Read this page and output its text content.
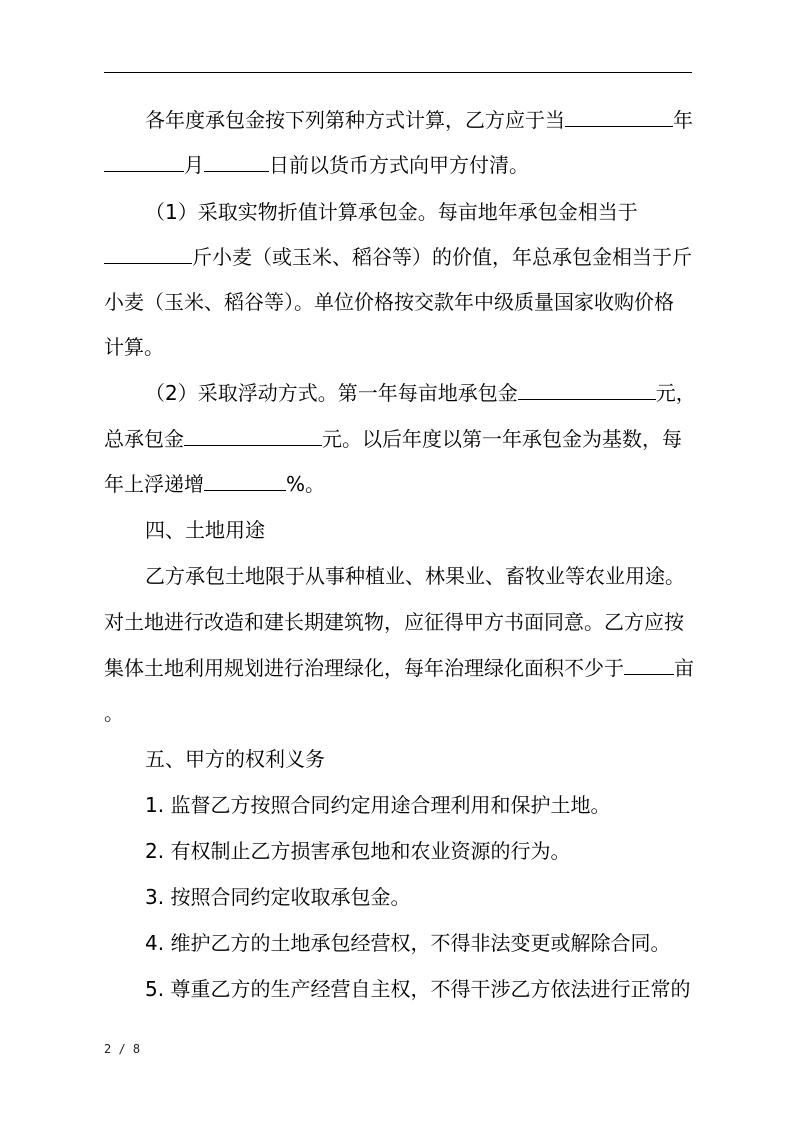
各年度承包金按下列第种方式计算，乙方应于当	年
月	日前以货币方式向甲方付清。
（1）采取实物折值计算承包金。每亩地年承包金相当于
斤小麦（或玉米、稻谷等）的价值，年总承包金相当于斤
小麦（玉米、稻谷等）。单位价格按交款年中级质量国家收购价格
计算。
（2）采取浮动方式。第一年每亩地承包金	元，
总承包金	元。以后年度以第一年承包金为基数，每
年上浮递增	%。
四、土地用途
乙方承包土地限于从事种植业、林果业、畜牧业等农业用途。
对土地进行改造和建长期建筑物，应征得甲方书面同意。乙方应按
集体土地利用规划进行治理绿化，每年治理绿化面积不少于	亩
。
五、甲方的权利义务
1. 监督乙方按照合同约定用途合理利用和保护土地。
2. 有权制止乙方损害承包地和农业资源的行为。
3. 按照合同约定收取承包金。
4. 维护乙方的土地承包经营权，不得非法变更或解除合同。
5. 尊重乙方的生产经营自主权，不得干涉乙方依法进行正常的
2 / 8
